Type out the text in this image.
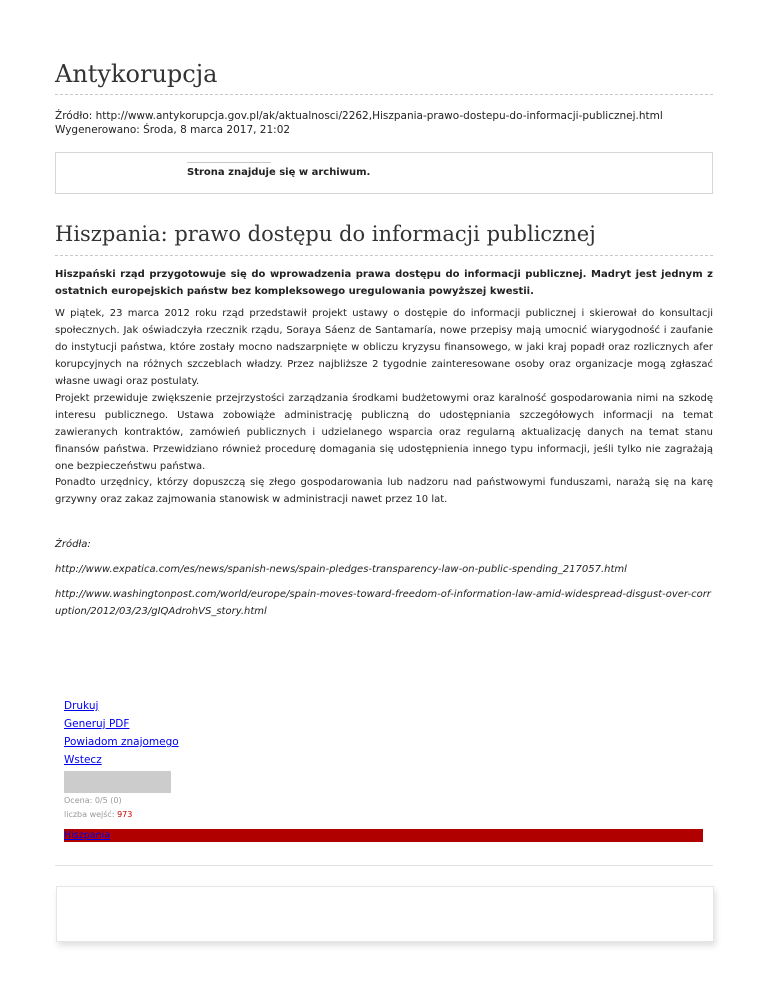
Antykorupcja
Źródło: http://www.antykorupcja.gov.pl/ak/aktualnosci/2262,Hiszpania-prawo-dostepu-do-informacji-publicznej.html
Wygenerowano: Środa, 8 marca 2017, 21:02
Strona znajduje się w archiwum.
Hiszpania: prawo dostępu do informacji publicznej

Hiszpański rząd przygotowuje się do wprowadzenia prawa dostępu do informacji publicznej. Madryt jest jednym z ostatnich europejskich państw bez kompleksowego uregulowania powyższej kwestii.

W piątek, 23 marca 2012 roku rząd przedstawił projekt ustawy o dostępie do informacji publicznej i skierował do konsultacji społecznych. Jak oświadczyła rzecznik rządu, Soraya Sáenz de Santamaría, nowe przepisy mają umocnić wiarygodność i zaufanie do instytucji państwa, które zostały mocno nadszarpnięte w obliczu kryzysu finansowego, w jaki kraj popadł oraz rozlicznych afer korupcyjnych na różnych szczeblach władzy. Przez najbliższe 2 tygodnie zainteresowane osoby oraz organizacje mogą zgłaszać własne uwagi oraz postulaty.

Projekt przewiduje zwiększenie przejrzystości zarządzania środkami budżetowymi oraz karalność gospodarowania nimi na szkodę interesu publicznego. Ustawa zobowiąże administrację publiczną do udostępniania szczegółowych informacji na temat zawieranych kontraktów, zamówień publicznych i udzielanego wsparcia oraz regularną aktualizację danych na temat stanu finansów państwa. Przewidziano również procedurę domagania się udostępnienia innego typu informacji, jeśli tylko nie zagrażają one bezpieczeństwu państwa.

Ponadto urzędnicy, którzy dopuszczą się złego gospodarowania lub nadzoru nad państwowymi funduszami, narażą się na karę grzywny oraz zakaz zajmowania stanowisk w administracji nawet przez 10 lat.

Źródła:

http://www.expatica.com/es/news/spanish-news/spain-pledges-transparency-law-on-public-spending_217057.html

http://www.washingtonpost.com/world/europe/spain-moves-toward-freedom-of-information-law-amid-widespread-disgust-over-corruption/2012/03/23/gIQAdrohVS_story.html

Drukuj
Generuj PDF
Powiadom znajomego
Wstecz
Ocena: 0/5 (0)
liczba wejść: 973
Hiszpania
